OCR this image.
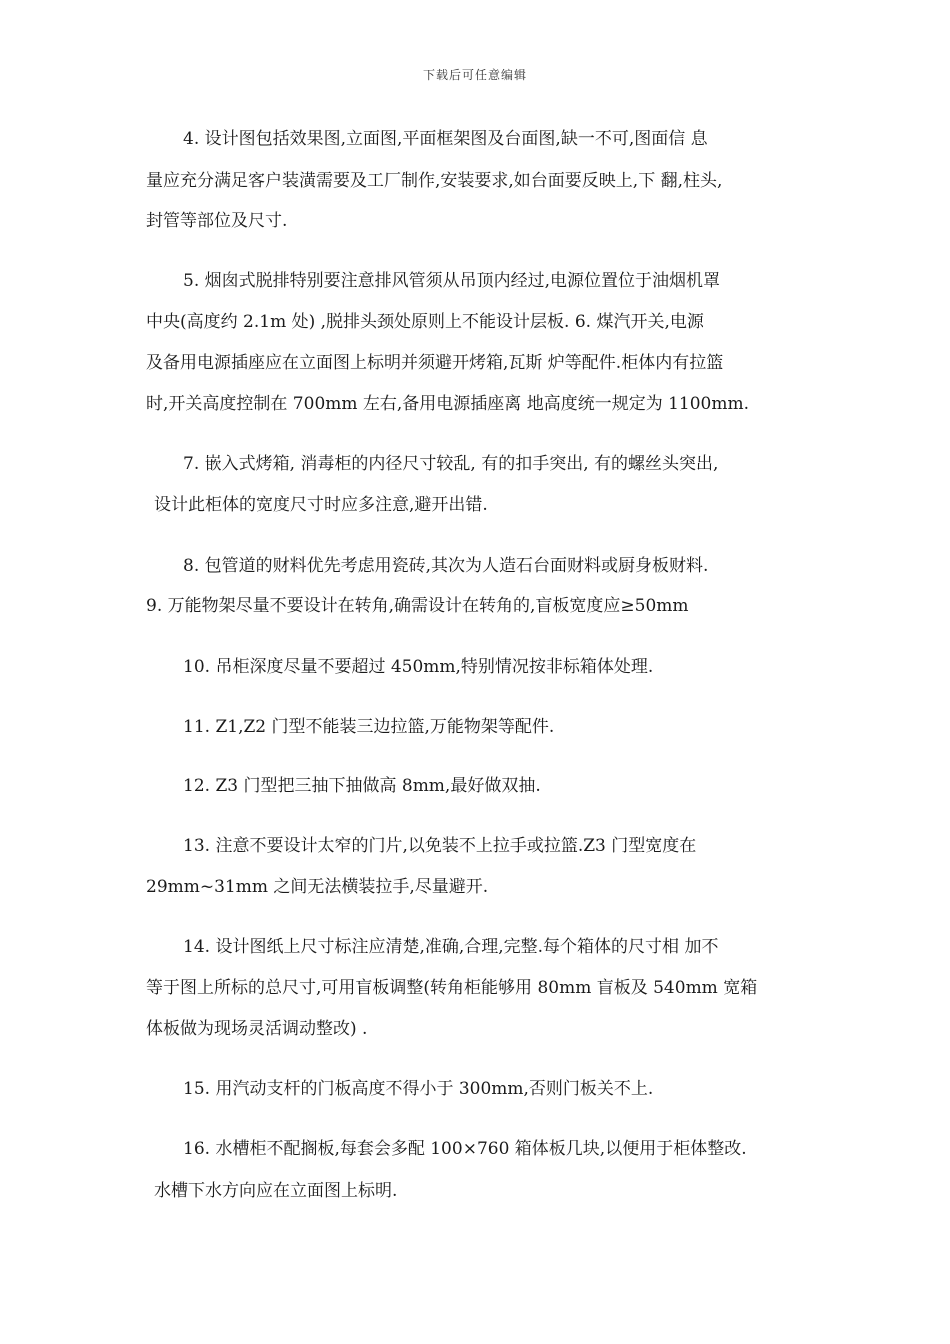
下载后可任意编辑
4. 设计图包括效果图,立面图,平面框架图及台面图,缺一不可,图面信 息
量应充分满足客户装潢需要及工厂制作,安装要求,如台面要反映上,下 翻,柱头,
封管等部位及尺寸.
5. 烟囱式脱排特别要注意排风管须从吊顶内经过,电源位置位于油烟机罩
中央(高度约 2.1m 处) ,脱排头颈处原则上不能设计层板. 6. 煤汽开关,电源
及备用电源插座应在立面图上标明并须避开烤箱,瓦斯 炉等配件.柜体内有拉篮
时,开关高度控制在 700mm 左右,备用电源插座离 地高度统一规定为 1100mm.
7. 嵌入式烤箱, 消毒柜的内径尺寸较乱, 有的扣手突出, 有的螺丝头突出,
设计此柜体的宽度尺寸时应多注意,避开出错.
8. 包管道的财料优先考虑用瓷砖,其次为人造石台面财料或厨身板财料.
9. 万能物架尽量不要设计在转角,确需设计在转角的,盲板宽度应≥50mm
10. 吊柜深度尽量不要超过 450mm,特别情况按非标箱体处理.
11. Z1,Z2 门型不能装三边拉篮,万能物架等配件.
12. Z3 门型把三抽下抽做高 8mm,最好做双抽.
13. 注意不要设计太窄的门片,以免装不上拉手或拉篮.Z3 门型宽度在
29mm~31mm 之间无法横装拉手,尽量避开.
14. 设计图纸上尺寸标注应清楚,准确,合理,完整.每个箱体的尺寸相 加不
等于图上所标的总尺寸,可用盲板调整(转角柜能够用 80mm 盲板及 540mm 宽箱
体板做为现场灵活调动整改) .
15. 用汽动支杆的门板高度不得小于 300mm,否则门板关不上.
16. 水槽柜不配搁板,每套会多配 100×760 箱体板几块,以便用于柜体整改.
水槽下水方向应在立面图上标明.
